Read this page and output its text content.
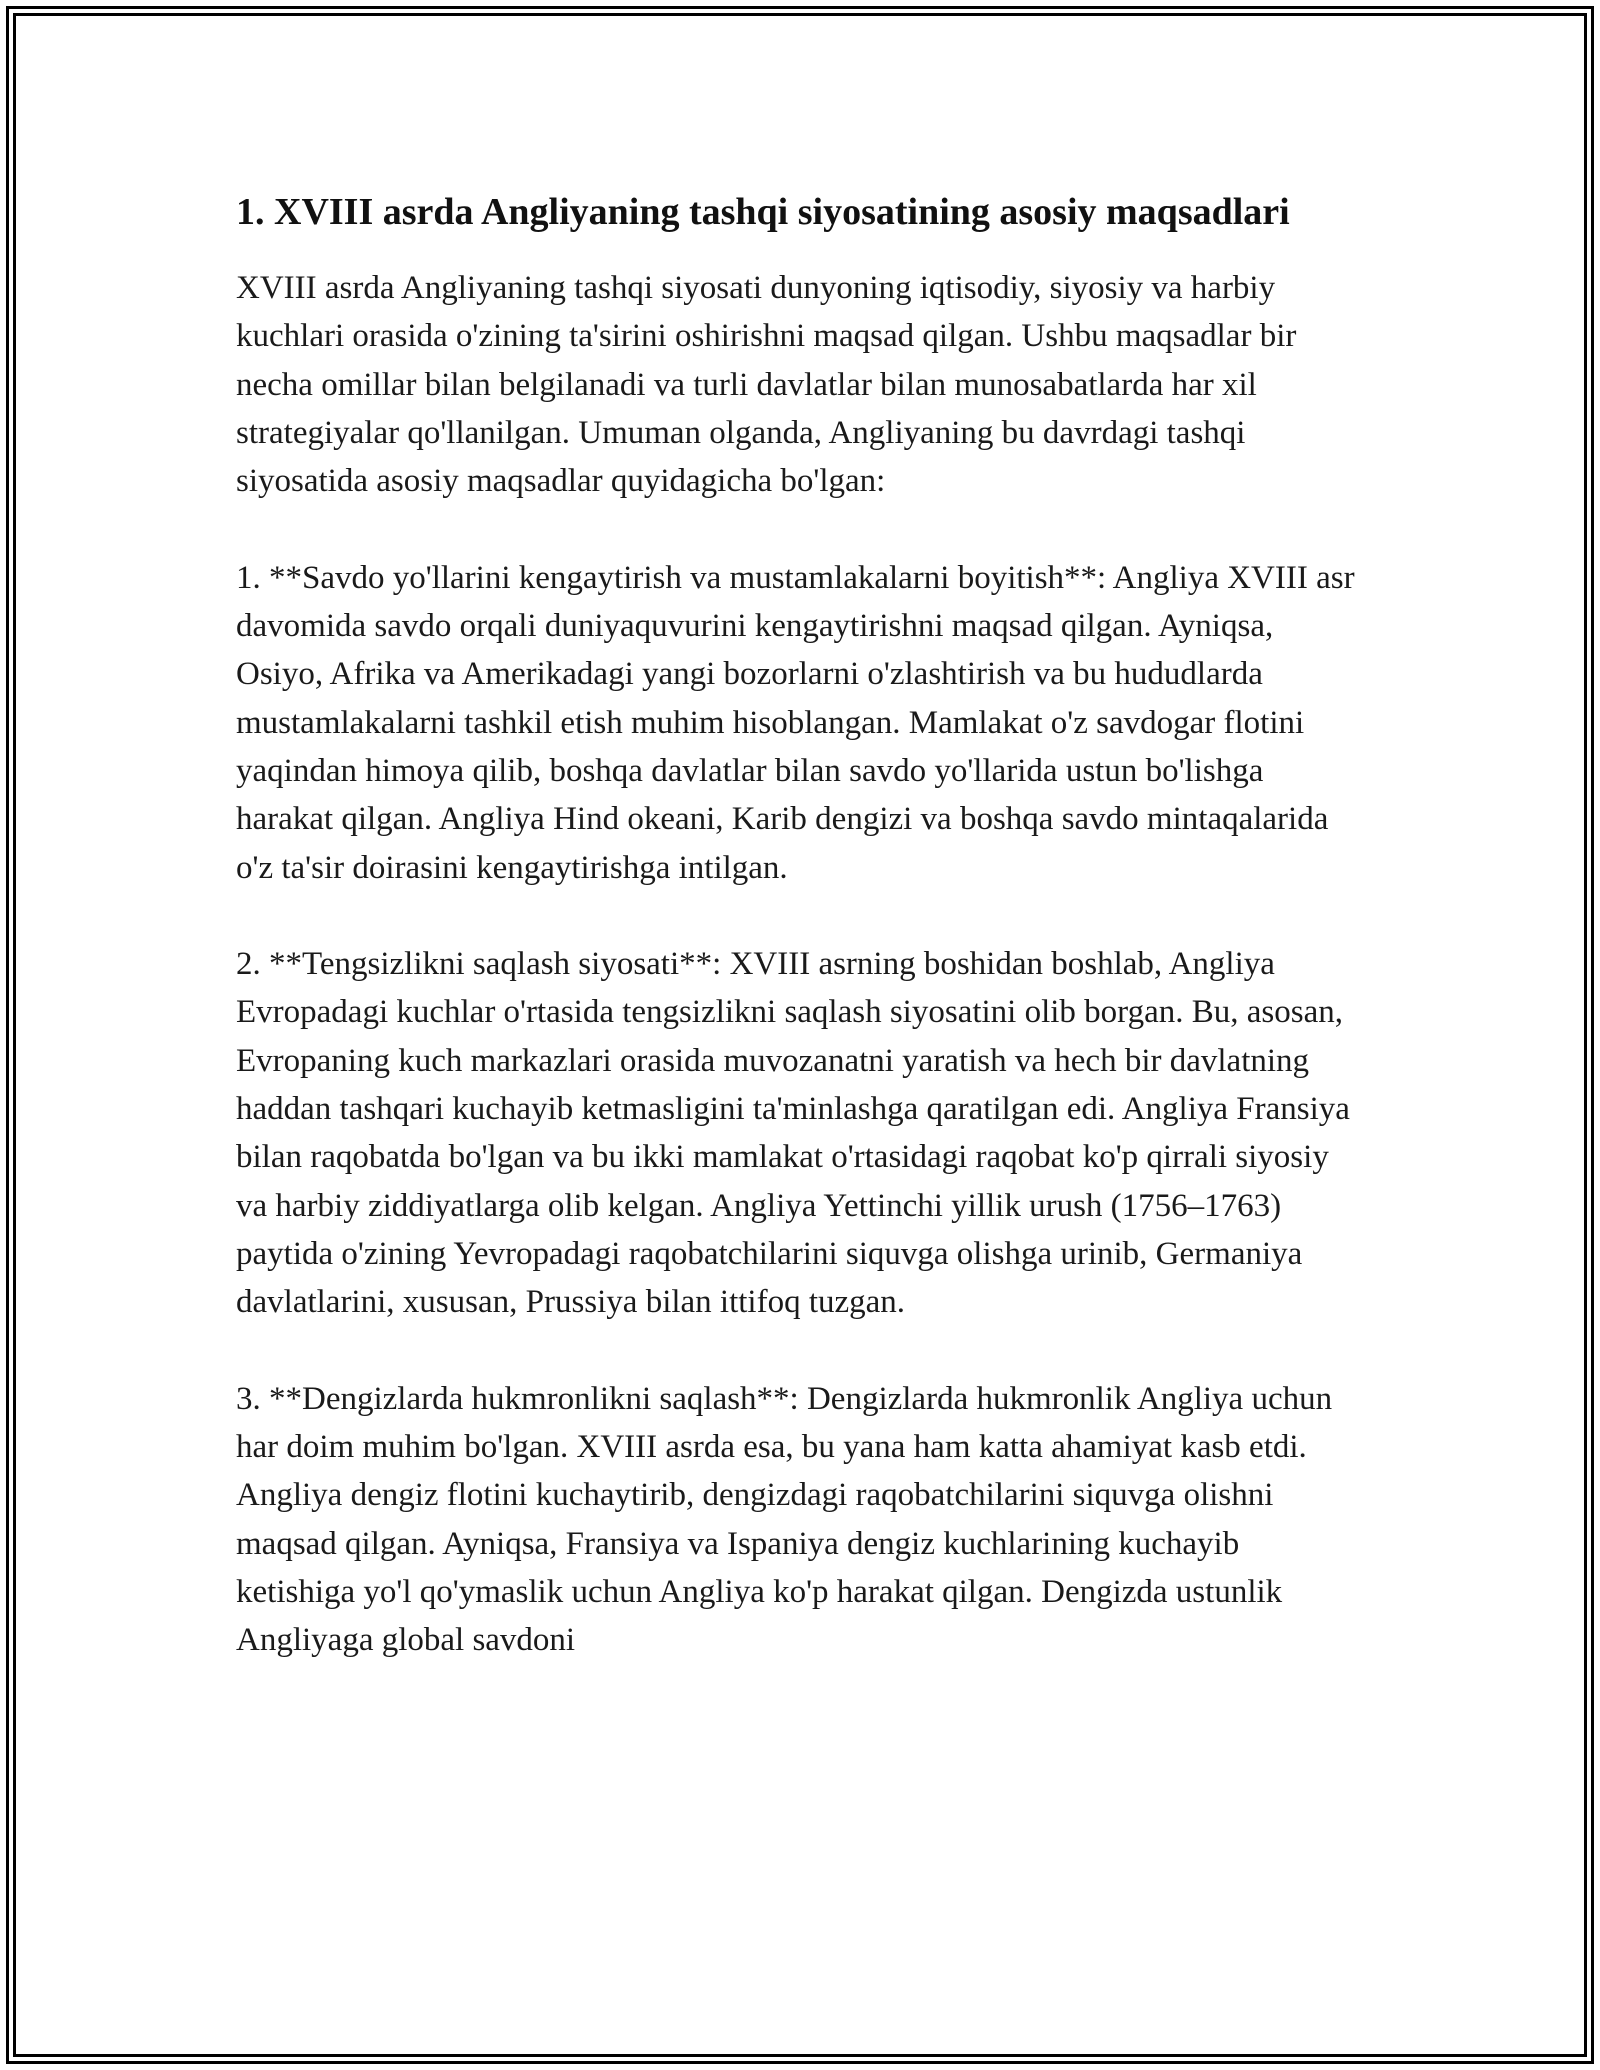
1. XVIII asrda Angliyaning tashqi siyosatining asosiy maqsadlari

XVIII asrda Angliyaning tashqi siyosati dunyoning iqtisodiy, siyosiy va harbiy kuchlari orasida o'zining ta'sirini oshirishni maqsad qilgan. Ushbu maqsadlar bir necha omillar bilan belgilanadi va turli davlatlar bilan munosabatlarda har xil strategiyalar qo'llanilgan. Umuman olganda, Angliyaning bu davrdagi tashqi siyosatida asosiy maqsadlar quyidagicha bo'lgan:

1. **Savdo yo'llarini kengaytirish va mustamlakalarni boyitish**: Angliya XVIII asr davomida savdo orqali duniyaquvurini kengaytirishni maqsad qilgan. Ayniqsa, Osiyo, Afrika va Amerikadagi yangi bozorlarni o'zlashtirish va bu hududlarda mustamlakalarni tashkil etish muhim hisoblangan. Mamlakat o'z savdogar flotini yaqindan himoya qilib, boshqa davlatlar bilan savdo yo'llarida ustun bo'lishga harakat qilgan. Angliya Hind okeani, Karib dengizi va boshqa savdo mintaqalarida o'z ta'sir doirasini kengaytirishga intilgan.

2. **Tengsizlikni saqlash siyosati**: XVIII asrning boshidan boshlab, Angliya Evropadagi kuchlar o'rtasida tengsizlikni saqlash siyosatini olib borgan. Bu, asosan, Evropaning kuch markazlari orasida muvozanatni yaratish va hech bir davlatning haddan tashqari kuchayib ketmasligini ta'minlashga qaratilgan edi. Angliya Fransiya bilan raqobatda bo'lgan va bu ikki mamlakat o'rtasidagi raqobat ko'p qirrali siyosiy va harbiy ziddiyatlarga olib kelgan. Angliya Yettinchi yillik urush (1756–1763) paytida o'zining Yevropadagi raqobatchilarini siquvga olishga urinib, Germaniya davlatlarini, xususan, Prussiya bilan ittifoq tuzgan.

3. **Dengizlarda hukmronlikni saqlash**: Dengizlarda hukmronlik Angliya uchun har doim muhim bo'lgan. XVIII asrda esa, bu yana ham katta ahamiyat kasb etdi. Angliya dengiz flotini kuchaytirib, dengizdagi raqobatchilarini siquvga olishni maqsad qilgan. Ayniqsa, Fransiya va Ispaniya dengiz kuchlarining kuchayib ketishiga yo'l qo'ymaslik uchun Angliya ko'p harakat qilgan. Dengizda ustunlik Angliyaga global savdoni
